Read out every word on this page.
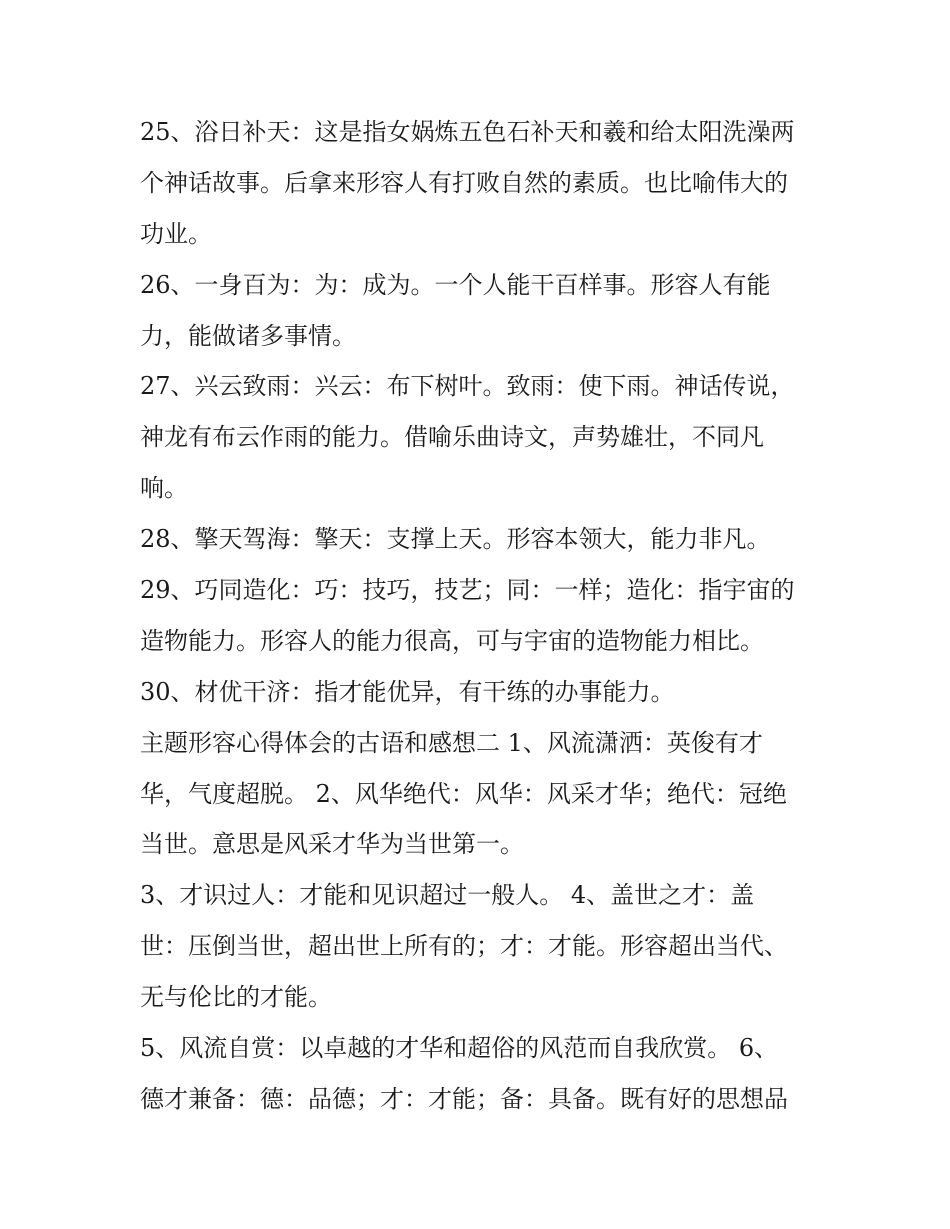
25、浴日补天：这是指女娲炼五色石补天和羲和给太阳洗澡两
个神话故事。后拿来形容人有打败自然的素质。也比喻伟大的
功业。
26、一身百为：为：成为。一个人能干百样事。形容人有能
力，能做诸多事情。
27、兴云致雨：兴云：布下树叶。致雨：使下雨。神话传说，
神龙有布云作雨的能力。借喻乐曲诗文，声势雄壮，不同凡
响。
28、擎天驾海：擎天：支撑上天。形容本领大，能力非凡。
29、巧同造化：巧：技巧，技艺；同：一样；造化：指宇宙的
造物能力。形容人的能力很高，可与宇宙的造物能力相比。
30、材优干济：指才能优异，有干练的办事能力。
主题形容心得体会的古语和感想二 1、风流潇洒：英俊有才
华，气度超脱。 2、风华绝代：风华：风采才华；绝代：冠绝
当世。意思是风采才华为当世第一。
3、才识过人：才能和见识超过一般人。 4、盖世之才：盖
世：压倒当世，超出世上所有的；才：才能。形容超出当代、
无与伦比的才能。
5、风流自赏：以卓越的才华和超俗的风范而自我欣赏。 6、
德才兼备：德：品德；才：才能；备：具备。既有好的思想品
